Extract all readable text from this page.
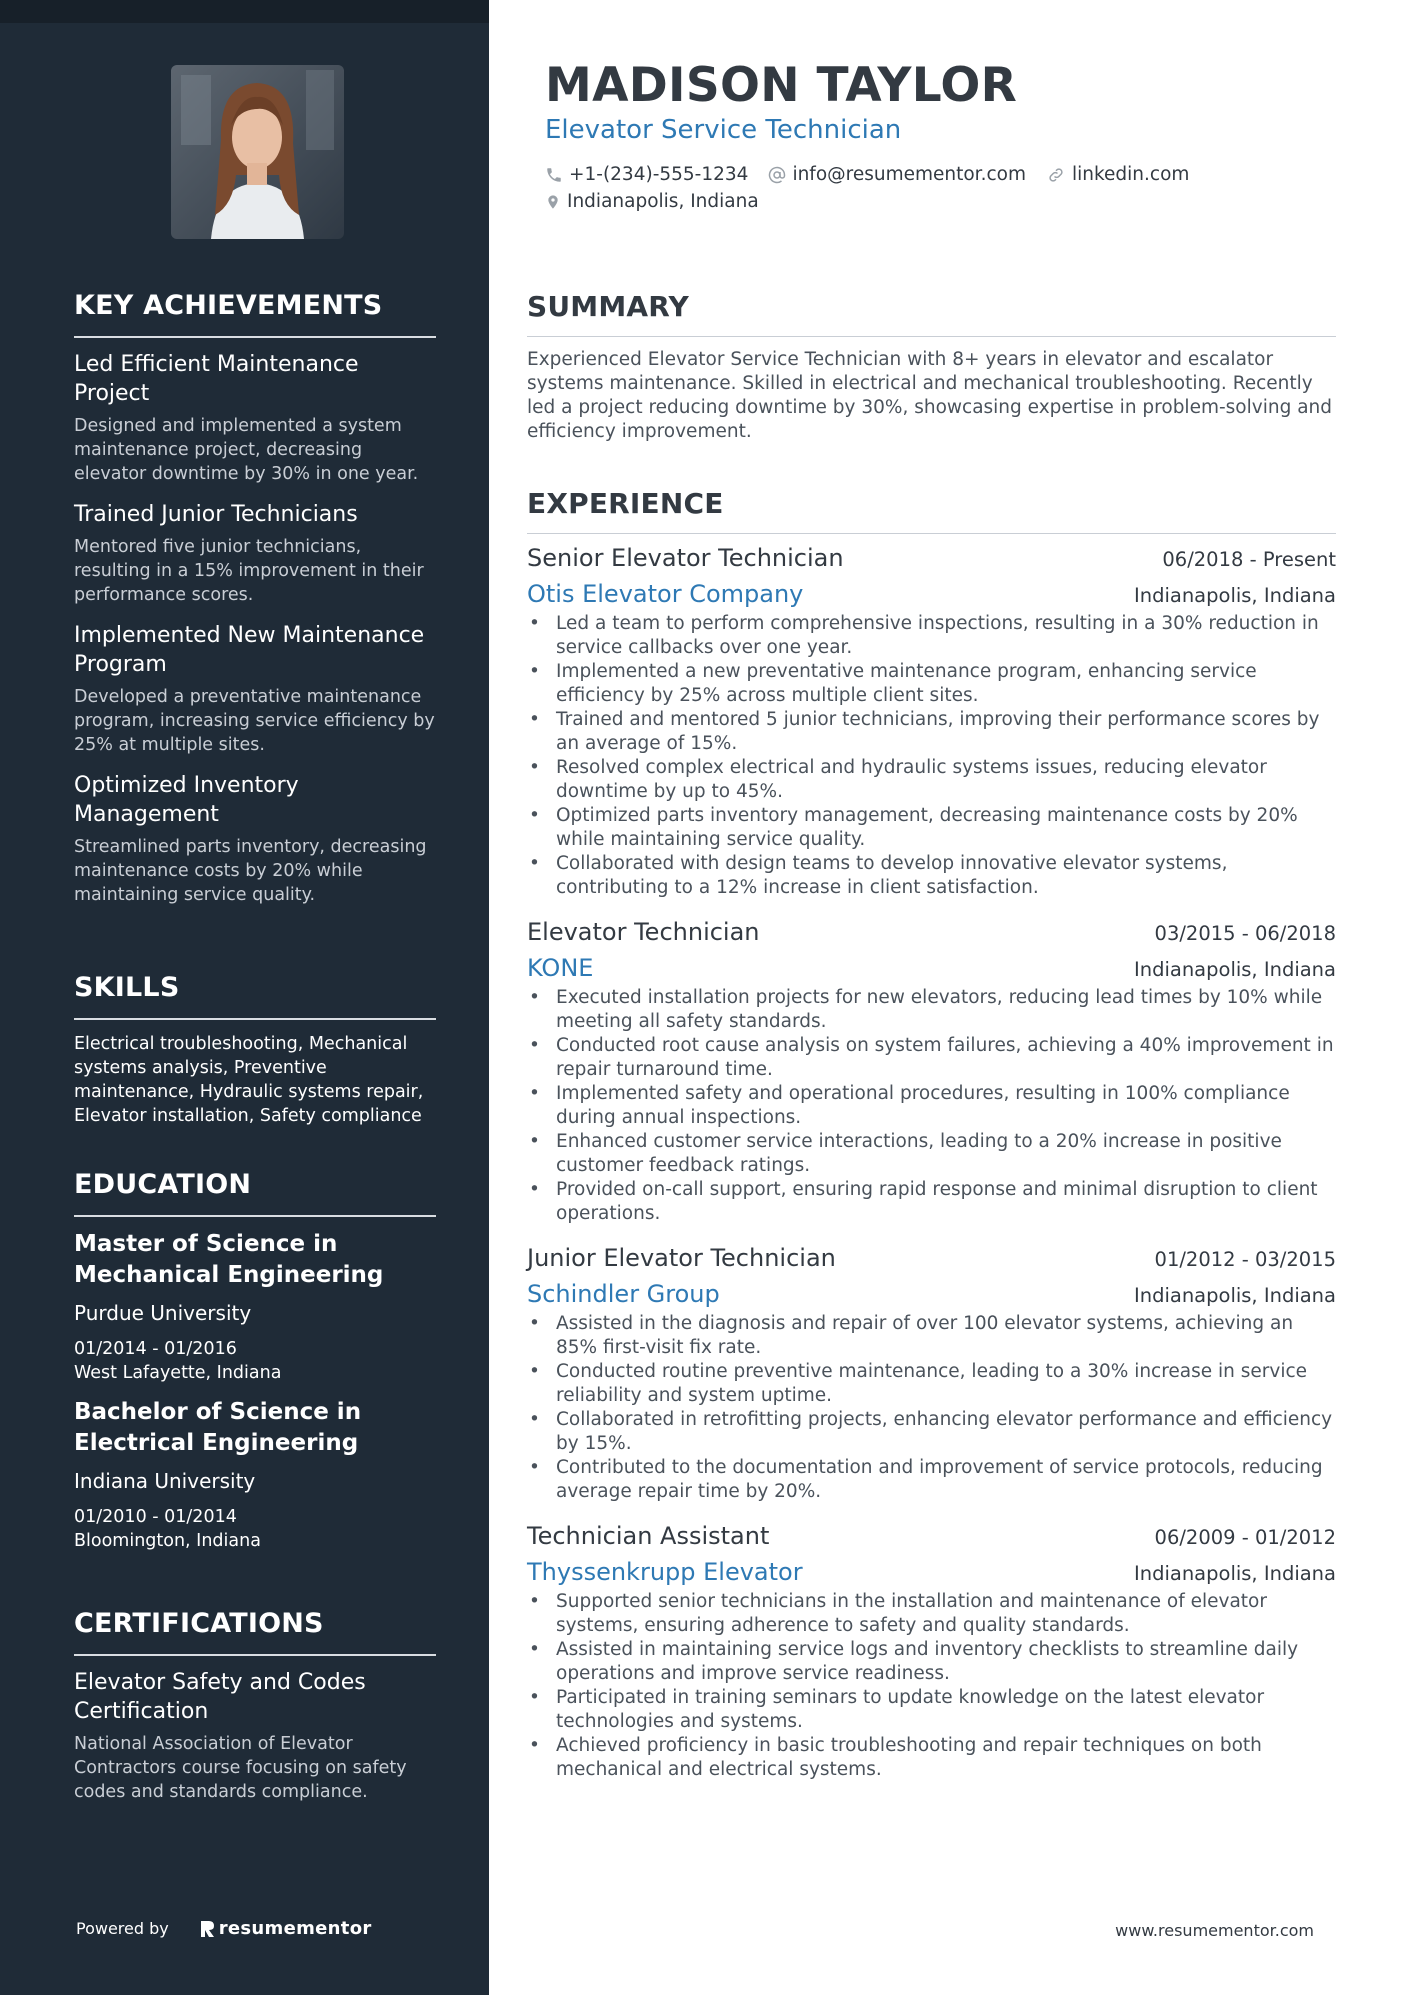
KEY ACHIEVEMENTS
Led Efficient Maintenance Project
Designed and implemented a system maintenance project, decreasing elevator downtime by 30% in one year.
Trained Junior Technicians
Mentored five junior technicians, resulting in a 15% improvement in their performance scores.
Implemented New Maintenance Program
Developed a preventative maintenance program, increasing service efficiency by 25% at multiple sites.
Optimized Inventory Management
Streamlined parts inventory, decreasing maintenance costs by 20% while maintaining service quality.
SKILLS
Electrical troubleshooting, Mechanical systems analysis, Preventive maintenance, Hydraulic systems repair, Elevator installation, Safety compliance
EDUCATION
Master of Science in Mechanical Engineering
Purdue University
01/2014 - 01/2016
West Lafayette, Indiana
Bachelor of Science in Electrical Engineering
Indiana University
01/2010 - 01/2014
Bloomington, Indiana
CERTIFICATIONS
Elevator Safety and Codes Certification
National Association of Elevator Contractors course focusing on safety codes and standards compliance.
Powered by	resumementor
MADISON TAYLOR
Elevator Service Technician
+1-(234)-555-1234 info@resumementor.com linkedin.com
Indianapolis, Indiana
SUMMARY
Experienced Elevator Service Technician with 8+ years in elevator and escalator systems maintenance. Skilled in electrical and mechanical troubleshooting. Recently led a project reducing downtime by 30%, showcasing expertise in problem-solving and efficiency improvement.
EXPERIENCE
Senior Elevator Technician	06/2018 - Present
Otis Elevator Company	Indianapolis, Indiana
• Led a team to perform comprehensive inspections, resulting in a 30% reduction in service callbacks over one year.
• Implemented a new preventative maintenance program, enhancing service efficiency by 25% across multiple client sites.
• Trained and mentored 5 junior technicians, improving their performance scores by an average of 15%.
• Resolved complex electrical and hydraulic systems issues, reducing elevator downtime by up to 45%.
• Optimized parts inventory management, decreasing maintenance costs by 20% while maintaining service quality.
• Collaborated with design teams to develop innovative elevator systems, contributing to a 12% increase in client satisfaction.
Elevator Technician	03/2015 - 06/2018
KONE	Indianapolis, Indiana
• Executed installation projects for new elevators, reducing lead times by 10% while meeting all safety standards.
• Conducted root cause analysis on system failures, achieving a 40% improvement in repair turnaround time.
• Implemented safety and operational procedures, resulting in 100% compliance during annual inspections.
• Enhanced customer service interactions, leading to a 20% increase in positive customer feedback ratings.
• Provided on-call support, ensuring rapid response and minimal disruption to client operations.
Junior Elevator Technician	01/2012 - 03/2015
Schindler Group	Indianapolis, Indiana
• Assisted in the diagnosis and repair of over 100 elevator systems, achieving an 85% first-visit fix rate.
• Conducted routine preventive maintenance, leading to a 30% increase in service reliability and system uptime.
• Collaborated in retrofitting projects, enhancing elevator performance and efficiency by 15%.
• Contributed to the documentation and improvement of service protocols, reducing average repair time by 20%.
Technician Assistant	06/2009 - 01/2012
Thyssenkrupp Elevator	Indianapolis, Indiana
• Supported senior technicians in the installation and maintenance of elevator systems, ensuring adherence to safety and quality standards.
• Assisted in maintaining service logs and inventory checklists to streamline daily operations and improve service readiness.
• Participated in training seminars to update knowledge on the latest elevator technologies and systems.
• Achieved proficiency in basic troubleshooting and repair techniques on both mechanical and electrical systems.
www.resumementor.com
